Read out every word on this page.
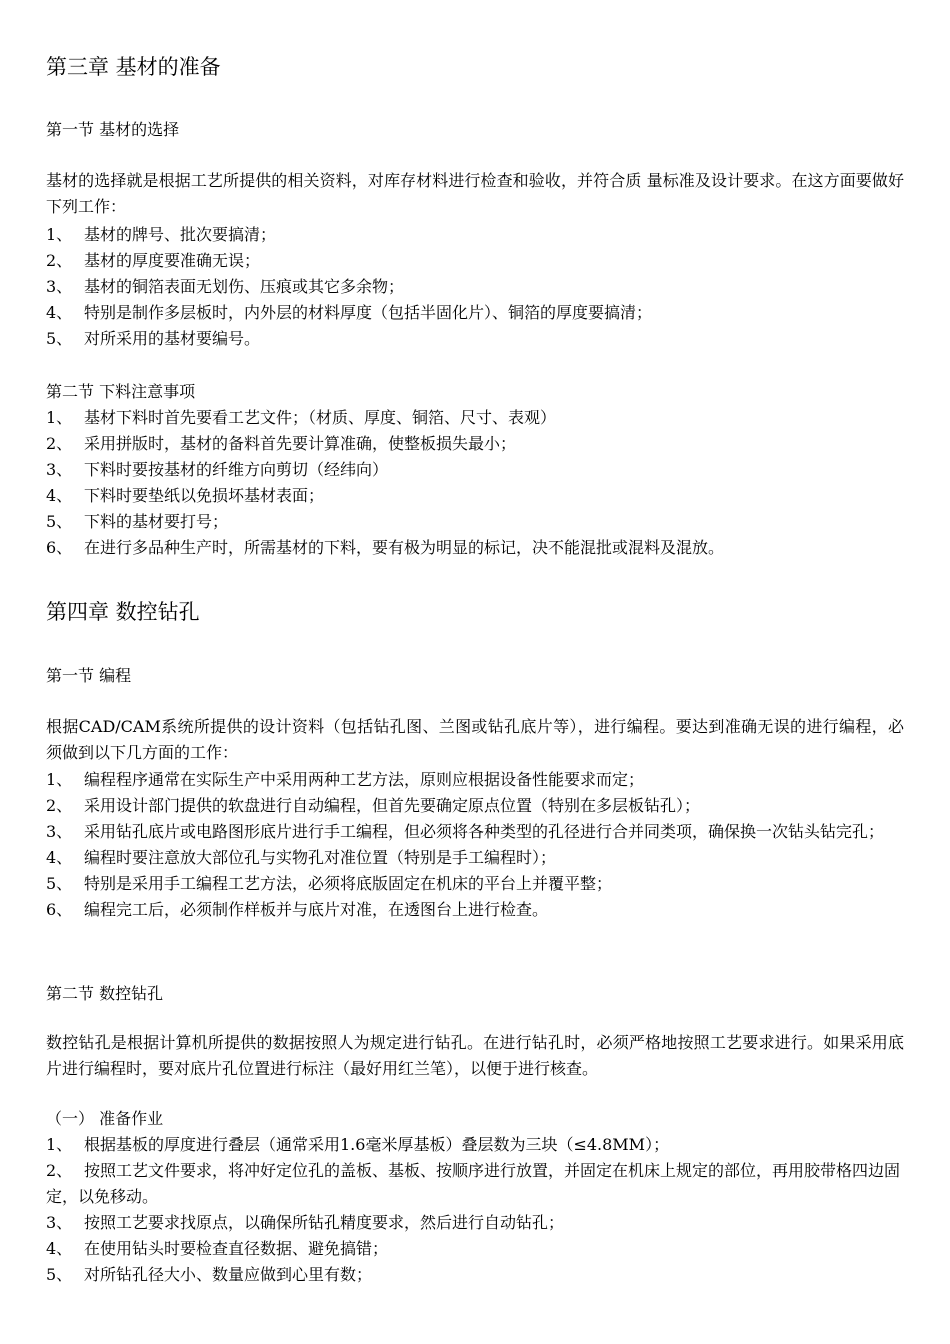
第三章 基材的准备
第一节 基材的选择

基材的选择就是根据工艺所提供的相关资料，对库存材料进行检查和验收，并符合质 量标准及设计要求。在这方面要做好下列工作：

1、 基材的牌号、批次要搞清；
2、 基材的厚度要准确无误；
3、 基材的铜箔表面无划伤、压痕或其它多余物；
4、 特别是制作多层板时，内外层的材料厚度（包括半固化片）、铜箔的厚度要搞清；
5、 对所采用的基材要编号。
第二节 下料注意事项
1、 基材下料时首先要看工艺文件；（材质、厚度、铜箔、尺寸、表观）
2、 采用拼版时，基材的备料首先要计算准确，使整板损失最小；
3、 下料时要按基材的纤维方向剪切（经纬向）
4、 下料时要垫纸以免损坏基材表面；
5、 下料的基材要打号；
6、 在进行多品种生产时，所需基材的下料，要有极为明显的标记，决不能混批或混料及混放。
第四章 数控钻孔
第一节 编程

根据CAD/CAM系统所提供的设计资料（包括钻孔图、兰图或钻孔底片等），进行编程。要达到准确无误的进行编程，必须做到以下几方面的工作：

1、 编程程序通常在实际生产中采用两种工艺方法，原则应根据设备性能要求而定；
2、 采用设计部门提供的软盘进行自动编程，但首先要确定原点位置（特别在多层板钻孔）；
3、 采用钻孔底片或电路图形底片进行手工编程，但必须将各种类型的孔径进行合并同类项，确保换一次钻头钻完孔；
4、 编程时要注意放大部位孔与实物孔对准位置（特别是手工编程时）；
5、 特别是采用手工编程工艺方法，必须将底版固定在机床的平台上并覆平整；
6、 编程完工后，必须制作样板并与底片对准，在透图台上进行检查。
第二节 数控钻孔

数控钻孔是根据计算机所提供的数据按照人为规定进行钻孔。在进行钻孔时，必须严格地按照工艺要求进行。如果采用底片进行编程时，要对底片孔位置进行标注（最好用红兰笔），以便于进行核查。

（一） 准备作业

1、 根据基板的厚度进行叠层（通常采用1.6毫米厚基板）叠层数为三块（≤4.8MM）；
2、 按照工艺文件要求，将冲好定位孔的盖板、基板、按顺序进行放置，并固定在机床上规定的部位，再用胶带格四边固定，以免移动。
3、 按照工艺要求找原点，以确保所钻孔精度要求，然后进行自动钻孔；
4、 在使用钻头时要检查直径数据、避免搞错；
5、 对所钻孔径大小、数量应做到心里有数；
